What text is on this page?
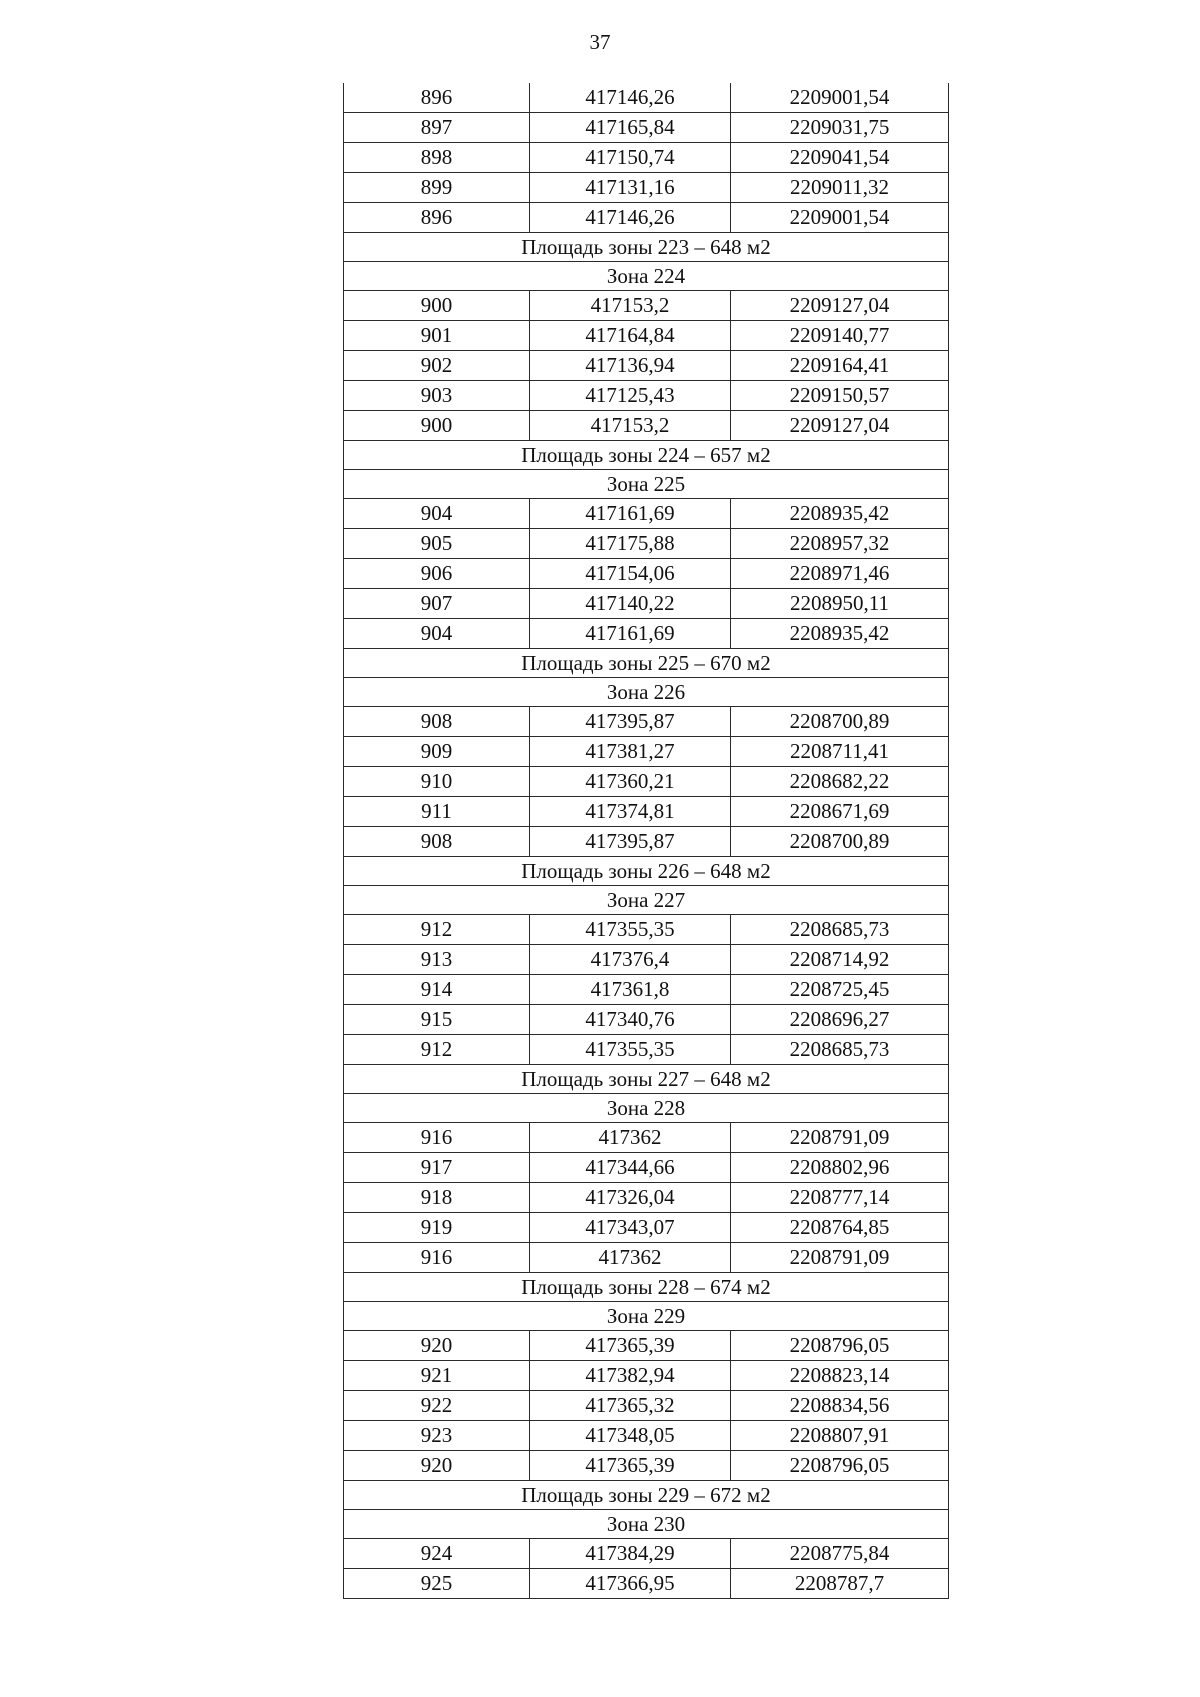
37
896	417146,26	2209001,54
897	417165,84	2209031,75
898	417150,74	2209041,54
899	417131,16	2209011,32
896	417146,26	2209001,54
Площадь зоны 223 – 648 м2		
Зона 224		
900	417153,2	2209127,04
901	417164,84	2209140,77
902	417136,94	2209164,41
903	417125,43	2209150,57
900	417153,2	2209127,04
Площадь зоны 224 – 657 м2		
Зона 225		
904	417161,69	2208935,42
905	417175,88	2208957,32
906	417154,06	2208971,46
907	417140,22	2208950,11
904	417161,69	2208935,42
Площадь зоны 225 – 670 м2		
Зона 226		
908	417395,87	2208700,89
909	417381,27	2208711,41
910	417360,21	2208682,22
911	417374,81	2208671,69
908	417395,87	2208700,89
Площадь зоны 226 – 648 м2		
Зона 227		
912	417355,35	2208685,73
913	417376,4	2208714,92
914	417361,8	2208725,45
915	417340,76	2208696,27
912	417355,35	2208685,73
Площадь зоны 227 – 648 м2		
Зона 228		
916	417362	2208791,09
917	417344,66	2208802,96
918	417326,04	2208777,14
919	417343,07	2208764,85
916	417362	2208791,09
Площадь зоны 228 – 674 м2		
Зона 229		
920	417365,39	2208796,05
921	417382,94	2208823,14
922	417365,32	2208834,56
923	417348,05	2208807,91
920	417365,39	2208796,05
Площадь зоны 229 – 672 м2		
Зона 230		
924	417384,29	2208775,84
925	417366,95	2208787,7
